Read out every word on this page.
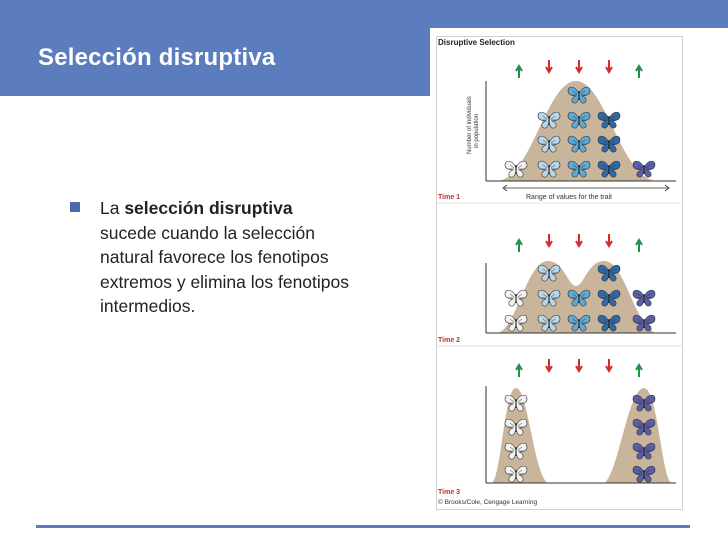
Selección disruptiva
La selección disruptiva sucede cuando la selección natural favorece los fenotipos extremos y elimina los fenotipos intermedios.
Disruptive Selection
Number of individuals in population
Time 1	Range of values for the trait
Time 2
Time 3
© Brooks/Cole, Cengage Learning
